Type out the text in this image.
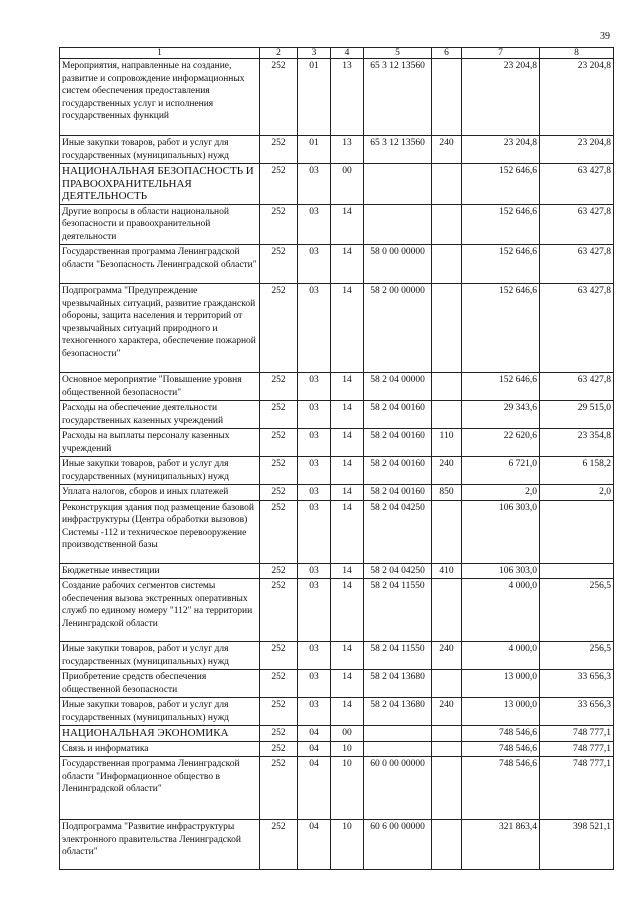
39
1	2	3	4	5	6	7	8
Мероприятия, направленные на создание, развитие и сопровождение информационных систем обеспечения предоставления государственных услуг и исполнения государственных функций	252	01	13	65 3 12 13560		23 204,8	23 204,8
Иные закупки товаров, работ и услуг для государственных (муниципальных) нужд	252	01	13	65 3 12 13560	240	23 204,8	23 204,8
НАЦИОНАЛЬНАЯ БЕЗОПАСНОСТЬ И ПРАВООХРАНИТЕЛЬНАЯ ДЕЯТЕЛЬНОСТЬ	252	03	00			152 646,6	63 427,8
Другие вопросы в области национальной безопасности и правоохранительной деятельности	252	03	14			152 646,6	63 427,8
Государственная программа Ленинградской области "Безопасность Ленинградской области"	252	03	14	58 0 00 00000		152 646,6	63 427,8
Подпрограмма "Предупреждение чрезвычайных ситуаций, развитие гражданской обороны, защита населения и территорий от чрезвычайных ситуаций природного и техногенного характера, обеспечение пожарной безопасности"	252	03	14	58 2 00 00000		152 646,6	63 427,8
Основное мероприятие "Повышение уровня общественной безопасности"	252	03	14	58 2 04 00000		152 646,6	63 427,8
Расходы на обеспечение деятельности государственных казенных учреждений	252	03	14	58 2 04 00160		29 343,6	29 515,0
Расходы на выплаты персоналу казенных учреждений	252	03	14	58 2 04 00160	110	22 620,6	23 354,8
Иные закупки товаров, работ и услуг для государственных (муниципальных) нужд	252	03	14	58 2 04 00160	240	6 721,0	6 158,2
Уплата налогов, сборов и иных платежей	252	03	14	58 2 04 00160	850	2,0	2,0
Реконструкция здания под размещение базовой инфраструктуры (Центра обработки вызовов) Системы -112 и техническое перевооружение производственной базы	252	03	14	58 2 04 04250		106 303,0	
Бюджетные инвестиции	252	03	14	58 2 04 04250	410	106 303,0	
Создание рабочих сегментов системы обеспечения вызова экстренных оперативных служб по единому номеру "112" на территории Ленинградской области	252	03	14	58 2 04 11550		4 000,0	256,5
Иные закупки товаров, работ и услуг для государственных (муниципальных) нужд	252	03	14	58 2 04 11550	240	4 000,0	256,5
Приобретение средств обеспечения общественной безопасности	252	03	14	58 2 04 13680		13 000,0	33 656,3
Иные закупки товаров, работ и услуг для государственных (муниципальных) нужд	252	03	14	58 2 04 13680	240	13 000,0	33 656,3
НАЦИОНАЛЬНАЯ ЭКОНОМИКА	252	04	00			748 546,6	748 777,1
Связь и информатика	252	04	10			748 546,6	748 777,1
Государственная программа Ленинградской области "Информационное общество в Ленинградской области"	252	04	10	60 0 00 00000		748 546,6	748 777,1
Подпрограмма "Развитие инфраструктуры электронного правительства Ленинградской области"	252	04	10	60 6 00 00000		321 863,4	398 521,1
